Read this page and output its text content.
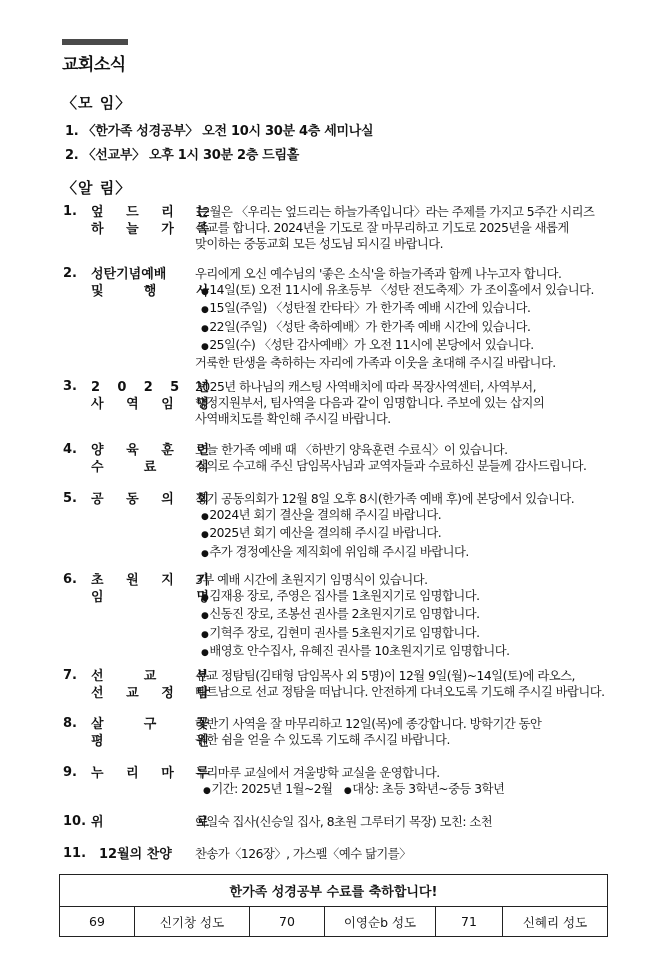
교회소식
〈모 임〉
1. 〈한가족 성경공부〉 오전 10시 30분 4층 세미나실
2. 〈선교부〉 오후 1시 30분 2층 드림홀
〈알 림〉
1. 엎 드 리 는
하 늘 가 족
12월은 〈우리는 엎드리는 하늘가족입니다〉라는 주제를 가지고 5주간 시리즈
설교를 합니다. 2024년을 기도로 잘 마무리하고 기도로 2025년을 새롭게
맞이하는 중동교회 모든 성도님 되시길 바랍니다.
2. 성탄기념예배
및 행 사
우리에게 오신 예수님의 '좋은 소식'을 하늘가족과 함께 나누고자 합니다.
● 14일(토) 오전 11시에 유초등부 〈성탄 전도축제〉가 조이홀에서 있습니다.
● 15일(주일) 〈성탄절 칸타타〉가 한가족 예배 시간에 있습니다.
● 22일(주일) 〈성탄 축하예배〉가 한가족 예배 시간에 있습니다.
● 25일(수) 〈성탄 감사예배〉가 오전 11시에 본당에서 있습니다.
거룩한 탄생을 축하하는 자리에 가족과 이웃을 초대해 주시길 바랍니다.
3. 2 0 2 5 년
사 역 임 명
2025년 하나님의 캐스팅 사역배치에 따라 목장사역센터, 사역부서,
행정지원부서, 팀사역을 다음과 같이 임명합니다. 주보에 있는 삽지의
사역배치도를 확인해 주시길 바랍니다.
4. 양 육 훈 련
수 료 식
오늘 한가족 예배 때 〈하반기 양육훈련 수료식〉이 있습니다.
강의로 수고해 주신 담임목사님과 교역자들과 수료하신 분들께 감사드립니다.
5. 공 동 의 회
정기 공동의회가 12월 8일 오후 8시(한가족 예배 후)에 본당에서 있습니다.
● 2024년 회기 결산을 결의해 주시길 바랍니다.
● 2025년 회기 예산을 결의해 주시길 바랍니다.
● 추가 경정예산을 제직회에 위임해 주시길 바랍니다.
6. 초 원 지 기
임 명
3부 예배 시간에 초원지기 임명식이 있습니다.
● 김재용 장로, 주영은 집사를 1초원지기로 임명합니다.
● 신동진 장로, 조봉선 권사를 2초원지기로 임명합니다.
● 기혁주 장로, 김현미 권사를 5초원지기로 임명합니다.
● 배영호 안수집사, 유혜진 권사를 10초원지기로 임명합니다.
7. 선 교 부
선 교 정 탐
선교 정탐팀(김태형 담임목사 외 5명)이 12월 9일(월)~14일(토)에 라오스,
베트남으로 선교 정탐을 떠납니다. 안전하게 다녀오도록 기도해 주시길 바랍니다.
8. 살 구 꽃
평 원
하반기 사역을 잘 마무리하고 12일(목)에 종강합니다. 방학기간 동안
귀한 쉼을 얻을 수 있도록 기도해 주시길 바랍니다.
9. 누 리 마 루
누리마루 교실에서 겨울방학 교실을 운영합니다.
● 기간: 2025년 1월~2월 ● 대상: 초등 3학년~중등 3학년
10. 위 로
이일숙 집사(신승일 집사, 8초원 그루터기 목장) 모친: 소천
11. 12월의 찬양	찬송가〈126장〉, 가스펠〈예수 닮기를〉
한가족 성경공부 수료를 축하합니다!
69	신기창 성도	70	이영순b 성도	71	신혜리 성도
